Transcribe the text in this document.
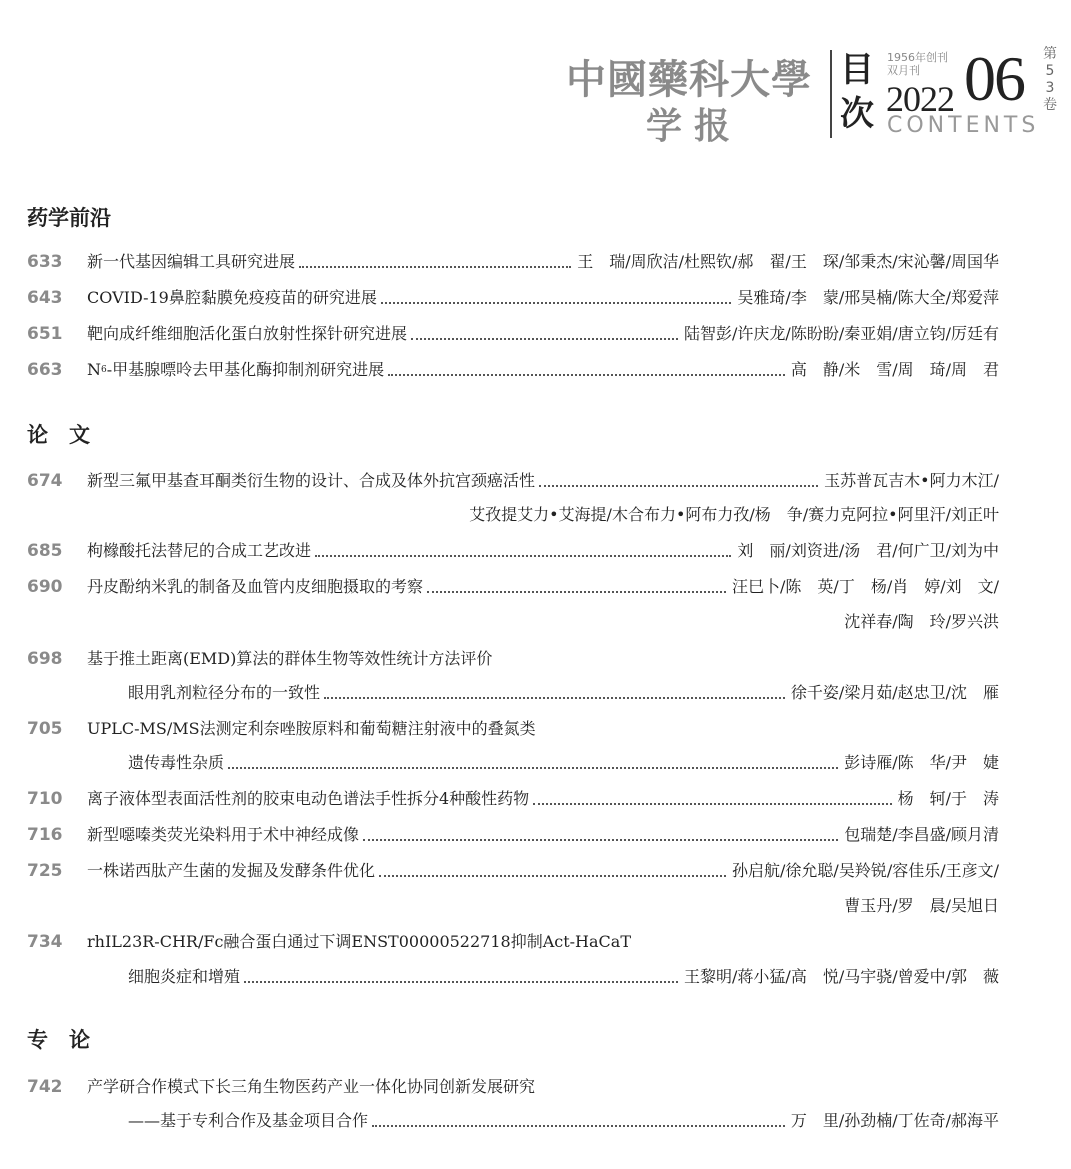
中國藥科大學
学报
目次
1956年创刊
双月刊
2022 06 第53卷
CONTENTS
药学前沿
633 新一代基因编辑工具研究进展	王　瑞/周欣洁/杜熙钦/郝　翟/王　琛/邹秉杰/宋沁馨/周国华
643 COVID-19鼻腔黏膜免疫疫苗的研究进展	吴雅琦/李　蒙/邢昊楠/陈大全/郑爱萍
651 靶向成纤维细胞活化蛋白放射性探针研究进展	陆智彭/许庆龙/陈盼盼/秦亚娟/唐立钧/厉廷有
663 $N^6-$甲基腺嘌呤去甲基化酶抑制剂研究进展	高　静/米　雪/周　琦/周　君
论　文
674 新型三氟甲基查耳酮类衍生物的设计、合成及体外抗宫颈癌活性	玉苏普瓦吉木•阿力木江/
艾孜提艾力•艾海提/木合布力•阿布力孜/杨　争/赛力克阿拉•阿里汗/刘正叶
685 枸橼酸托法替尼的合成工艺改进	刘　丽/刘资进/汤　君/何广卫/刘为中
690 丹皮酚纳米乳的制备及血管内皮细胞摄取的考察	汪巳卜/陈　英/丁　杨/肖　婷/刘　文/
沈祥春/陶　玲/罗兴洪
698 基于推土距离(EMD)算法的群体生物等效性统计方法评价
眼用乳剂粒径分布的一致性	徐千姿/梁月茹/赵忠卫/沈　雁
705 UPLC-MS/MS法测定利奈唑胺原料和葡萄糖注射液中的叠氮类
遗传毒性杂质	彭诗雁/陈　华/尹　婕
710 离子液体型表面活性剂的胶束电动色谱法手性拆分4种酸性药物	杨　轲/于　涛
716 新型噁嗪类荧光染料用于术中神经成像	包瑞楚/李昌盛/顾月清
725 一株诺西肽产生菌的发掘及发酵条件优化	孙启航/徐允聪/吴羚锐/容佳乐/王彦文/
曹玉丹/罗　晨/吴旭日
734 rhIL23R-CHR/Fc融合蛋白通过下调ENST00000522718抑制Act-HaCaT
细胞炎症和增殖	王黎明/蒋小猛/高　悦/马宇骁/曾爱中/郭　薇
专　论
742 产学研合作模式下长三角生物医药产业一体化协同创新发展研究
——基于专利合作及基金项目合作	万　里/孙劲楠/丁佐奇/郝海平
